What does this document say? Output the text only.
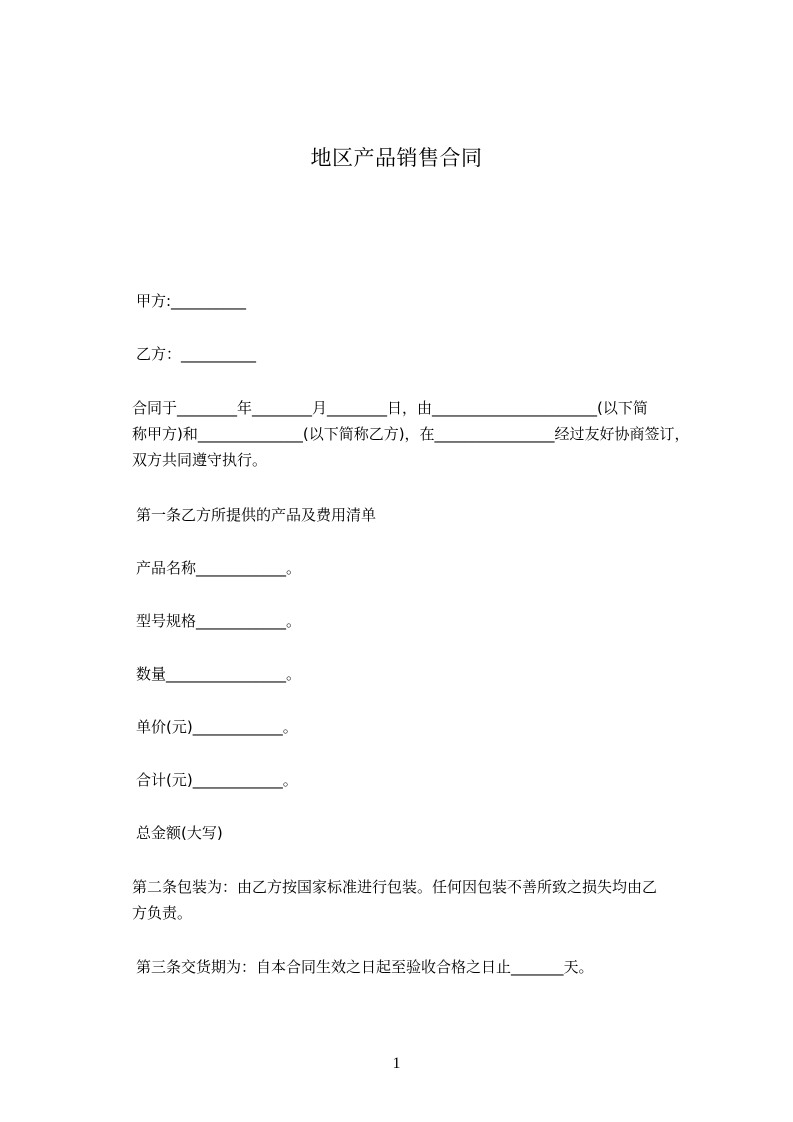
地区产品销售合同
甲方:__________
乙方：__________
合同于________年________月________日，由______________________(以下简
称甲方)和______________(以下简称乙方)，在________________经过友好协商签订，
双方共同遵守执行。
第一条乙方所提供的产品及费用清单
产品名称____________。
型号规格____________。
数量________________。
单价(元)____________。
合计(元)____________。
总金额(大写)
第二条包装为：由乙方按国家标准进行包装。任何因包装不善所致之损失均由乙
方负责。
第三条交货期为：自本合同生效之日起至验收合格之日止_______天。
1
